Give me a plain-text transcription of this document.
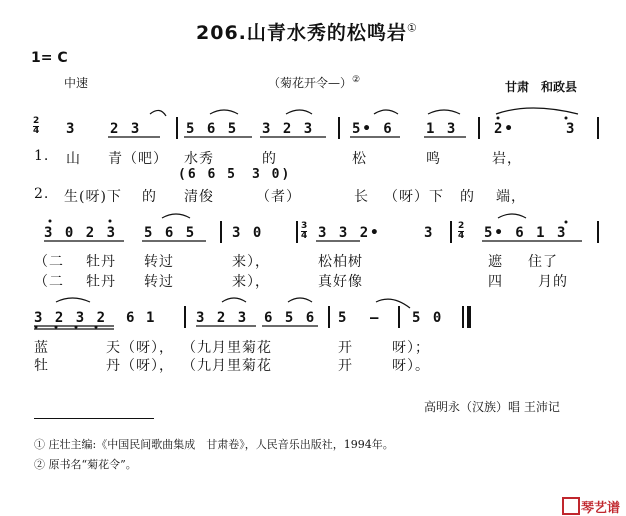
206.山青水秀的松鸣岩①
1= C
中速	（菊花开令—）②	甘肃　和政县
2
4 3 2 3	5 6 5 3 2 3	5• 6 1 3	2•	3
1. 山 青（吧） 水秀	的	松	鸣	岩，
(6 6 5　3 0)
2. 生(呀)下 的 清俊	（者）	长 （呀）下 的 端，
3 0 2 3 5 6 5	3 0	3
4 3 3 2•	3	2
4 5• 6 1 3
（二 牡丹 转过	来），	松柏树	遮 住了
（二 牡丹 转过	来），	真好像	四	月的
3 2 3 2 6 1	3 2 3 6 5 6 5 — 5 0
蓝	天（呀）， （九月里菊花	开	呀）；
牡	丹（呀）， （九月里菊花	开	呀）。
高明永（汉族）唱 王沛记
① 庄壮主编:《中国民间歌曲集成　甘肃卷》，人民音乐出版社，1994年。
② 原书名“菊花令”。
琴艺谱
